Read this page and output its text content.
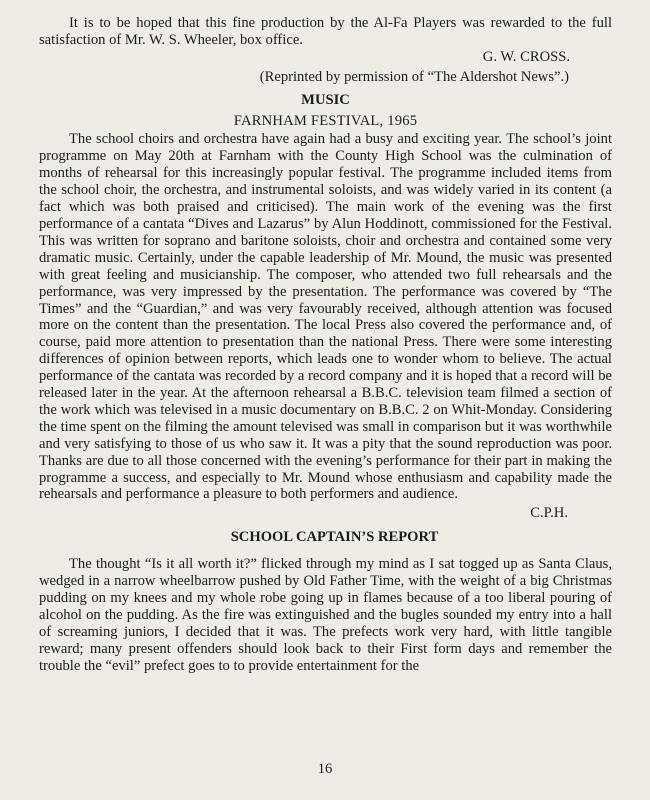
It is to be hoped that this fine production by the Al-Fa Players was rewarded to the full satisfaction of Mr. W. S. Wheeler, box office.

G. W. CROSS.

(Reprinted by permission of “The Aldershot News”.)

MUSIC

FARNHAM FESTIVAL, 1965

The school choirs and orchestra have again had a busy and exciting year. The school’s joint programme on May 20th at Farnham with the County High School was the culmination of months of rehearsal for this increasingly popular festival. The programme included items from the school choir, the orchestra, and instrumental soloists, and was widely varied in its content (a fact which was both praised and criticised). The main work of the evening was the first performance of a cantata “Dives and Lazarus” by Alun Hoddinott, commissioned for the Festival. This was written for soprano and baritone soloists, choir and orchestra and contained some very dramatic music. Certainly, under the capable leadership of Mr. Mound, the music was presented with great feeling and musicianship. The composer, who attended two full rehearsals and the performance, was very impressed by the presentation. The performance was covered by “The Times” and the “Guardian,” and was very favourably received, although attention was focused more on the content than the presentation. The local Press also covered the performance and, of course, paid more attention to presentation than the national Press. There were some interesting differences of opinion between reports, which leads one to wonder whom to believe. The actual performance of the cantata was recorded by a record company and it is hoped that a record will be released later in the year. At the afternoon rehearsal a B.B.C. television team filmed a section of the work which was televised in a music documentary on B.B.C. 2 on Whit-Monday. Considering the time spent on the filming the amount televised was small in comparison but it was worthwhile and very satisfying to those of us who saw it. It was a pity that the sound reproduction was poor. Thanks are due to all those concerned with the evening’s performance for their part in making the programme a success, and especially to Mr. Mound whose enthusiasm and capability made the rehearsals and performance a pleasure to both performers and audience.

C.P.H.

SCHOOL CAPTAIN’S REPORT

The thought “Is it all worth it?” flicked through my mind as I sat togged up as Santa Claus, wedged in a narrow wheelbarrow pushed by Old Father Time, with the weight of a big Christmas pudding on my knees and my whole robe going up in flames because of a too liberal pouring of alcohol on the pudding. As the fire was extinguished and the bugles sounded my entry into a hall of screaming juniors, I decided that it was. The prefects work very hard, with little tangible reward; many present offenders should look back to their First form days and remember the trouble the “evil” prefect goes to to provide entertainment for the

16
